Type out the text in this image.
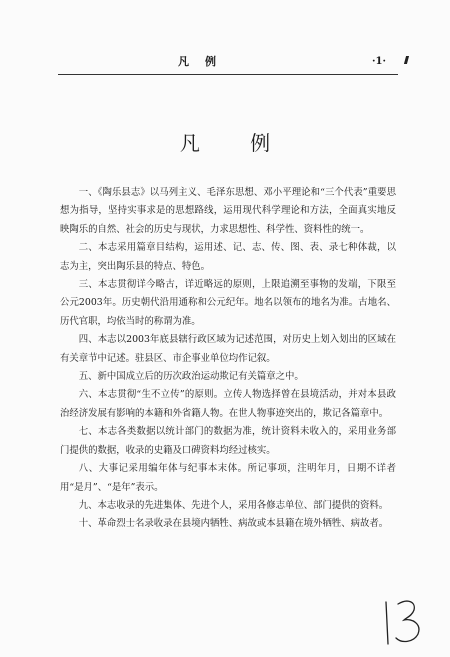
凡例	·1·
凡 例

一、《陶乐县志》以马列主义、毛泽东思想、邓小平理论和“三个代表”重要思想为指导，坚持实事求是的思想路线，运用现代科学理论和方法，全面真实地反映陶乐的自然、社会的历史与现状，力求思想性、科学性、资料性的统一。

二、本志采用篇章目结构，运用述、记、志、传、图、表、录七种体裁，以志为主，突出陶乐县的特点、特色。

三、本志贯彻详今略古，详近略远的原则，上限追溯至事物的发端，下限至公元2003年。历史朝代沿用通称和公元纪年。地名以领布的地名为准。古地名、历代官职，均依当时的称谓为准。

四、本志以2003年底县辖行政区域为记述范围，对历史上划入划出的区域在有关章节中记述。驻县区、市企事业单位均作记叙。

五、新中国成立后的历次政治运动欺记有关篇章之中。

六、本志贯彻“生不立传”的原则。立传人物选择曾在县境活动，并对本县政治经济发展有影响的本籍和外省籍人物。在世人物事迹突出的，欺记各篇章中。

七、本志各类数据以统计部门的数据为准，统计资料未收入的，采用业务部门提供的数据，收录的史籍及口碑资料均经过核实。

八、大事记采用编年体与纪事本末体。所记事项，注明年月，日期不详者用“是月”、“是年”表示。

九、本志收录的先进集体、先进个人，采用各修志单位、部门提供的资料。

十、革命烈士名录收录在县境内牺牲、病故或本县籍在境外牺牲、病故者。
